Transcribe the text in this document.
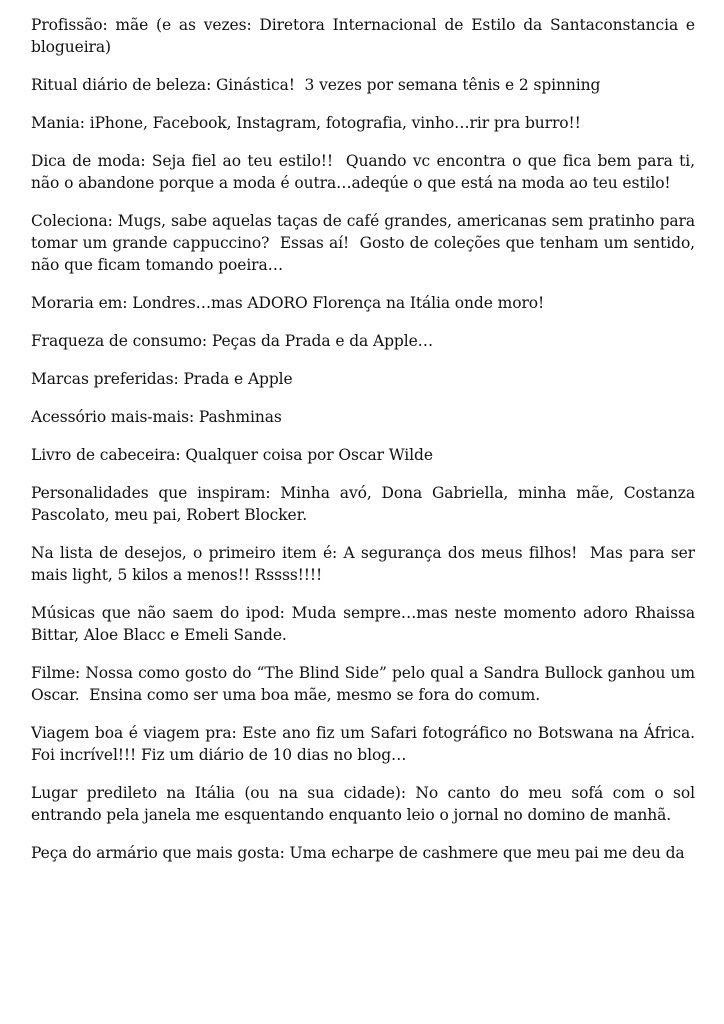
Profissão: mãe (e as vezes: Diretora Internacional de Estilo da Santaconstancia e blogueira)

Ritual diário de beleza: Ginástica!  3 vezes por semana tênis e 2 spinning

Mania: iPhone, Facebook, Instagram, fotografia, vinho…rir pra burro!!

Dica de moda: Seja fiel ao teu estilo!!  Quando vc encontra o que fica bem para ti, não o abandone porque a moda é outra…adeqúe o que está na moda ao teu estilo!

Coleciona: Mugs, sabe aquelas taças de café grandes, americanas sem pratinho para tomar um grande cappuccino?  Essas aí!  Gosto de coleções que tenham um sentido, não que ficam tomando poeira…

Moraria em: Londres…mas ADORO Florença na Itália onde moro!

Fraqueza de consumo: Peças da Prada e da Apple…

Marcas preferidas: Prada e Apple

Acessório mais-mais: Pashminas

Livro de cabeceira: Qualquer coisa por Oscar Wilde

Personalidades que inspiram: Minha avó, Dona Gabriella, minha mãe, Costanza Pascolato, meu pai, Robert Blocker.

Na lista de desejos, o primeiro item é: A segurança dos meus filhos!  Mas para ser mais light, 5 kilos a menos!! Rssss!!!!

Músicas que não saem do ipod: Muda sempre…mas neste momento adoro Rhaissa Bittar, Aloe Blacc e Emeli Sande.

Filme: Nossa como gosto do “The Blind Side” pelo qual a Sandra Bullock ganhou um Oscar.  Ensina como ser uma boa mãe, mesmo se fora do comum.

Viagem boa é viagem pra: Este ano fiz um Safari fotográfico no Botswana na África.  Foi incrível!!! Fiz um diário de 10 dias no blog…

Lugar predileto na Itália (ou na sua cidade): No canto do meu sofá com o sol entrando pela janela me esquentando enquanto leio o jornal no domino de manhã.

Peça do armário que mais gosta: Uma echarpe de cashmere que meu pai me deu da
